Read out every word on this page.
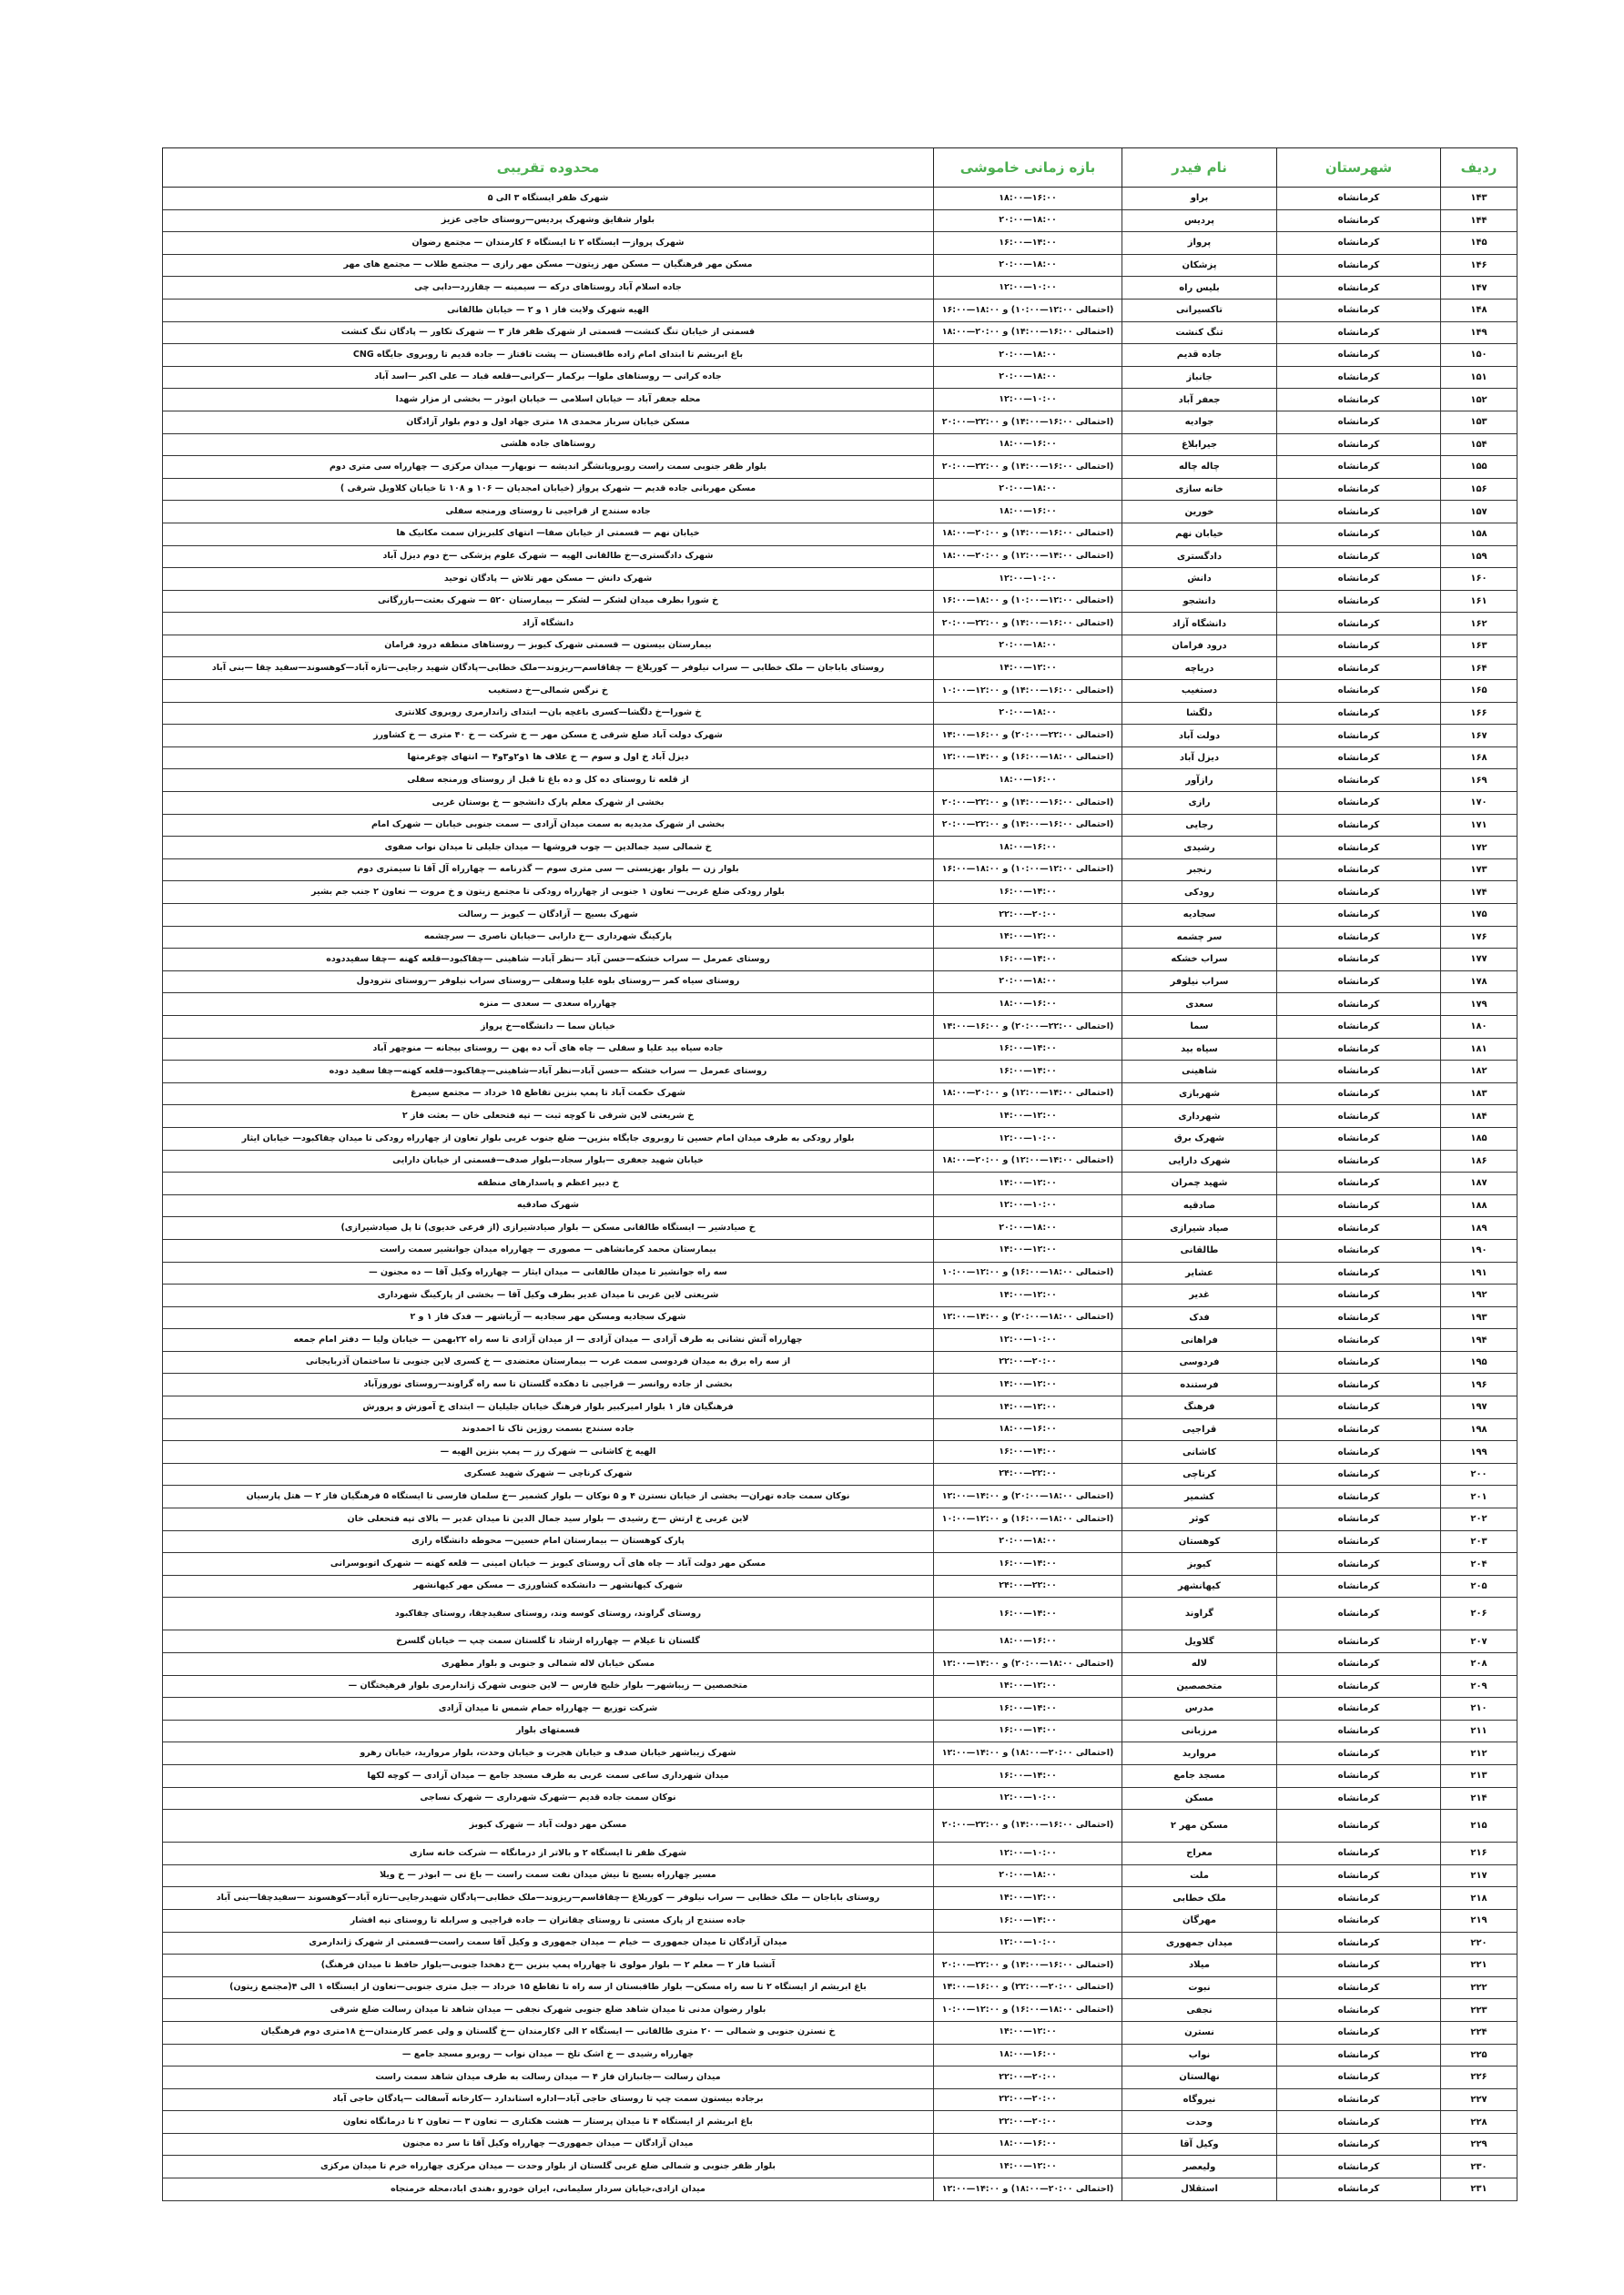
ردیف	شهرستان	نام فیدر	بازه زمانی خاموشی	محدوده تقریبی
۱۴۳	کرمانشاه	براو	۱۶:۰۰—۱۸:۰۰	شهرک ظفر ایستگاه ۳ الی ۵
۱۴۴	کرمانشاه	پردیس	۱۸:۰۰—۲۰:۰۰	بلوار شقایق وشهرک پردیس—روستای حاجی عزیز
۱۴۵	کرمانشاه	پرواز	۱۴:۰۰—۱۶:۰۰	شهرک پرواز— ایستگاه ۲ تا ایستگاه ۶ کارمندان — مجتمع رضوان
۱۴۶	کرمانشاه	پزشکان	۱۸:۰۰—۲۰:۰۰	مسکن مهر فرهنگیان — مسکن مهر زیتون— مسکن مهر رازی — مجتمع طلاب — مجتمع های مهر
۱۴۷	کرمانشاه	بلیس راه	۱۰:۰۰—۱۲:۰۰	جاده اسلام آباد روستاهای درکه — سیمینه — چقازرد—دابی چی
۱۴۸	کرمانشاه	تاکسیرانی	(احتمالی ۱۲:۰۰—۱۰:۰۰) و ۱۸:۰۰—۱۶:۰۰	الهیه شهرک ولایت فاز ۱ و ۲ — خیابان طالقانی
۱۴۹	کرمانشاه	تنگ کنشت	(احتمالی ۱۶:۰۰—۱۴:۰۰) و ۲۰:۰۰—۱۸:۰۰	قسمتی از خیابان تنگ کنشت— قسمتی از شهرک ظفر فاز ۳ — شهرک تکاور — پادگان تنگ کنشت
۱۵۰	کرمانشاه	جاده قدیم	۱۸:۰۰—۲۰:۰۰	باغ ابریشم تا ابتدای امام زاده طاقبستان — پشت تافتاز — جاده قدیم تا روبروی جایگاه CNG
۱۵۱	کرمانشاه	جانباز	۱۸:۰۰—۲۰:۰۰	جاده کرانی — روستاهای ملوا— برکمار —کرانی—قلعه قباد — علی اکبر —اسد آباد
۱۵۲	کرمانشاه	جعفر آباد	۱۰:۰۰—۱۲:۰۰	محله جعفر آباد — خیابان اسلامی — خیابان ابوذر — بخشی از مزار شهدا
۱۵۳	کرمانشاه	جوادیه	(احتمالی ۱۶:۰۰—۱۴:۰۰) و ۲۲:۰۰—۲۰:۰۰	مسکن خیابان سرباز محمدی ۱۸ متری جهاد اول و دوم بلوار آزادگان
۱۵۴	کرمانشاه	جیرابلاغ	۱۶:۰۰—۱۸:۰۰	روستاهای جاده هلشی
۱۵۵	کرمانشاه	چاله چاله	(احتمالی ۱۶:۰۰—۱۴:۰۰) و ۲۲:۰۰—۲۰:۰۰	بلوار ظفر جنوبی سمت راست روبروبانشگر اندیشه — نوبهار— میدان مرکزی — چهارراه سی متری دوم
۱۵۶	کرمانشاه	خانه سازی	۱۸:۰۰—۲۰:۰۰	مسکن مهربانی جاده قدیم — شهرک پرواز (خیابان امجدیان — ۱۰۶ و ۱۰۸ تا خیابان کلاویل شرقی )
۱۵۷	کرمانشاه	خورین	۱۶:۰۰—۱۸:۰۰	جاده سنندج از قراجیی تا روستای ورمنجه سفلی
۱۵۸	کرمانشاه	خیابان نهم	(احتمالی ۱۶:۰۰—۱۴:۰۰) و ۲۰:۰۰—۱۸:۰۰	خیابان نهم — قسمتی از خیابان صفا— انتهای کلبریزان سمت مکانیک ها
۱۵۹	کرمانشاه	دادگستری	(احتمالی ۱۴:۰۰—۱۲:۰۰) و ۲۰:۰۰—۱۸:۰۰	شهرک دادگستری—خ طالقانی الهیه — شهرک علوم پزشکی —خ دوم دیزل آباد
۱۶۰	کرمانشاه	دانش	۱۰:۰۰—۱۲:۰۰	شهرک دانش — مسکن مهر تلاش — پادگان توحید
۱۶۱	کرمانشاه	دانشجو	(احتمالی ۱۲:۰۰—۱۰:۰۰) و ۱۸:۰۰—۱۶:۰۰	خ شورا بطرف میدان لشکر — لشکر — بیمارستان ۵۲۰ — شهرک بعثت—بازرگانی
۱۶۲	کرمانشاه	دانشگاه آزاد	(احتمالی ۱۶:۰۰—۱۴:۰۰) و ۲۲:۰۰—۲۰:۰۰	دانشگاه آزاد
۱۶۳	کرمانشاه	درود فرامان	۱۸:۰۰—۲۰:۰۰	بیمارستان بیستون — قسمتی شهرک کیوبز — روستاهای منطقه درود فرامان
۱۶۴	کرمانشاه	دریاچه	۱۲:۰۰—۱۴:۰۰	روستای باباجان — ملک خطابی — سراب نیلوفر — کوریلاغ — چقاقاسم—ریزوند—ملک خطابی—پادگان شهید رجایی—تازه آباد—کوهسوند—سفید چقا —بنی آباد
۱۶۵	کرمانشاه	دستغیب	(احتمالی ۱۶:۰۰—۱۴:۰۰) و ۱۲:۰۰—۱۰:۰۰	خ نرگس شمالی—خ دستغیب
۱۶۶	کرمانشاه	دلگشا	۱۸:۰۰—۲۰:۰۰	خ شورا—خ دلگشا—کسری باغچه بان— ابتدای زاندارمری روبروی کلانتری
۱۶۷	کرمانشاه	دولت آباد	(احتمالی ۲۲:۰۰—۲۰:۰۰) و ۱۶:۰۰—۱۴:۰۰	شهرک دولت آباد ضلع شرقی خ مسکن مهر — خ شرکت — خ ۴۰ متری — خ کشاورز
۱۶۸	کرمانشاه	دیزل آباد	(احتمالی ۱۸:۰۰—۱۶:۰۰) و ۱۴:۰۰—۱۲:۰۰	دیزل آباد خ اول و سوم — خ علاف ها ۱و۲و۳و۴ — انتهای چوغرمتها
۱۶۹	کرمانشاه	رازآور	۱۶:۰۰—۱۸:۰۰	از قلعه تا روستای ده کل و ده باغ تا قبل از روستای ورمنجه سفلی
۱۷۰	کرمانشاه	رازی	(احتمالی ۱۶:۰۰—۱۴:۰۰) و ۲۲:۰۰—۲۰:۰۰	بخشی از شهرک معلم پارک دانشجو — خ بوستان غربی
۱۷۱	کرمانشاه	رجایی	(احتمالی ۱۶:۰۰—۱۴:۰۰) و ۲۲:۰۰—۲۰:۰۰	بخشی از شهرک مدیدیه به سمت میدان آزادی — سمت جنوبی خیابان — شهرک امام
۱۷۲	کرمانشاه	رشیدی	۱۶:۰۰—۱۸:۰۰	خ شمالی سید جمالدین — چوب فروشها — میدان جلیلی تا میدان نواب صفوی
۱۷۳	کرمانشاه	رنجبر	(احتمالی ۱۲:۰۰—۱۰:۰۰) و ۱۸:۰۰—۱۶:۰۰	بلوار زن — بلوار بهزیستی — سی متری سوم — گذرنامه — چهارراه آل آقا تا سیمتری دوم
۱۷۴	کرمانشاه	رودکی	۱۴:۰۰—۱۶:۰۰	بلوار رودکی ضلع غربی— تعاون ۱ جنوبی از چهارراه رودکی تا مجتمع زیتون و خ مروت — تعاون ۲ جنب جم بشیر
۱۷۵	کرمانشاه	سجادیه	۲۰:۰۰—۲۲:۰۰	شهرک بسیج — آزادگان — کیوبز — رسالت
۱۷۶	کرمانشاه	سر چشمه	۱۲:۰۰—۱۴:۰۰	پارکینگ شهرداری —خ دارابی —خیابان ناصری — سرچشمه
۱۷۷	کرمانشاه	سراب خشکه	۱۴:۰۰—۱۶:۰۰	روستای عمرمل — سراب خشکه—حسن آباد —نظر آباد— شاهینی —چقاکبود—قلعه کهنه —چقا سفیددوده
۱۷۸	کرمانشاه	سراب نیلوفر	۱۸:۰۰—۲۰:۰۰	روستای سیاه کمر —روستای بلوه علیا وسفلی —روستای سراب نیلوفر —روستای نترودول
۱۷۹	کرمانشاه	سعدی	۱۶:۰۰—۱۸:۰۰	چهارراه سعدی — سعدی — منزه
۱۸۰	کرمانشاه	سما	(احتمالی ۲۲:۰۰—۲۰:۰۰) و ۱۶:۰۰—۱۴:۰۰	خیابان سما — دانشگاه—خ پرواز
۱۸۱	کرمانشاه	سیاه بید	۱۴:۰۰—۱۶:۰۰	جاده سیاه بید علیا و سفلی — چاه های آب ده پهن — روستای بیجانه — منوچهر آباد
۱۸۲	کرمانشاه	شاهینی	۱۴:۰۰—۱۶:۰۰	روستای عمرمل — سراب خشکه —حسن آباد—نظر آباد—شاهینی—چقاکبود—قلعه کهنه—چقا سفید دوده
۱۸۳	کرمانشاه	شهربازی	(احتمالی ۱۴:۰۰—۱۲:۰۰) و ۲۰:۰۰—۱۸:۰۰	شهرک حکمت آباد تا پمپ بنزین تقاطع ۱۵ خرداد — مجتمع سیمرغ
۱۸۴	کرمانشاه	شهرداری	۱۲:۰۰—۱۴:۰۰	خ شریعتی لاین شرقی تا کوچه ثبت — تپه فتحعلی خان — بعثت فاز ۲
۱۸۵	کرمانشاه	شهرک برق	۱۰:۰۰—۱۲:۰۰	بلوار رودکی به طرف میدان امام حسین تا روبروی جایگاه بنزین— ضلع جنوب غربی بلوار تعاون از چهارراه رودکی تا میدان چقاکبود— خیابان ایثار
۱۸۶	کرمانشاه	شهرک دارایی	(احتمالی ۱۴:۰۰—۱۲:۰۰) و ۲۰:۰۰—۱۸:۰۰	خیابان شهید جعفری —بلوار سجاد—بلوار صدف—قسمتی از خیابان دارایی
۱۸۷	کرمانشاه	شهید چمران	۱۲:۰۰—۱۴:۰۰	خ دبیر اعظم و پاسدارهای منطقه
۱۸۸	کرمانشاه	صادقیه	۱۰:۰۰—۱۲:۰۰	شهرک صادقیه
۱۸۹	کرمانشاه	صیاد شیرازی	۱۸:۰۰—۲۰:۰۰	خ صیادشیر — ایستگاه طالقانی مسکن — بلوار صیادشیرازی (از فرعی خدیوی) تا پل صیادشیرازی)
۱۹۰	کرمانشاه	طالقانی	۱۲:۰۰—۱۴:۰۰	بیمارستان محمد کرمانشاهی — مصوری — چهارراه میدان جوانشیر سمت راست
۱۹۱	کرمانشاه	عشایر	(احتمالی ۱۸:۰۰—۱۶:۰۰) و ۱۲:۰۰—۱۰:۰۰	سه راه جوانشیر تا میدان طالقانی — میدان ایثار — چهارراه وکیل آقا — ده مجنون —
۱۹۲	کرمانشاه	غدیر	۱۲:۰۰—۱۴:۰۰	شریعتی لاین غربی تا میدان غدیر بطرف وکیل آقا — بخشی از پارکینگ شهرداری
۱۹۳	کرمانشاه	فدک	(احتمالی ۱۸:۰۰—۲۰:۰۰) و ۱۴:۰۰—۱۲:۰۰	شهرک سجادیه ومسکن مهر سجادیه — آریاشهر — فدک فاز ۱ و ۲
۱۹۴	کرمانشاه	فراهانی	۱۰:۰۰—۱۲:۰۰	چهارراه آتش نشانی به طرف آزادی — میدان آزادی — از میدان آزادی تا سه راه ۲۲بهمن — خیابان ولیا — دفتر امام جمعه
۱۹۵	کرمانشاه	فردوسی	۲۰:۰۰—۲۲:۰۰	از سه راه برق به میدان فردوسی سمت غرب — بیمارستان معتضدی — خ کسری لاین جنوبی تا ساختمان آذربایجانی
۱۹۶	کرمانشاه	فرستنده	۱۲:۰۰—۱۴:۰۰	بخشی از جاده روانسر — قراجیی تا دهکده گلستان تا سه راه گراوند—روستای نوروزآباد
۱۹۷	کرمانشاه	فرهنگ	۱۲:۰۰—۱۴:۰۰	فرهنگیان فاز ۱ بلوار امیرکبیر بلوار فرهنگ خیابان جلیلیان — ابتدای خ آموزش و پرورش
۱۹۸	کرمانشاه	قراجیی	۱۶:۰۰—۱۸:۰۰	جاده سنندج بسمت روژین تاک تا احمدوند
۱۹۹	کرمانشاه	کاشانی	۱۴:۰۰—۱۶:۰۰	الهیه خ کاشانی — شهرک رز — پمپ بنزین الهیه —
۲۰۰	کرمانشاه	کرناچی	۲۲:۰۰—۲۴:۰۰	شهرک کرناچی — شهرک شهید عسکری
۲۰۱	کرمانشاه	کشمیر	(احتمالی ۱۸:۰۰—۲۰:۰۰) و ۱۴:۰۰—۱۲:۰۰	نوکان سمت جاده تهران— بخشی از خیابان نسترن ۴ و ۵ نوکان — بلوار کشمیر —خ سلمان فارسی تا ایستگاه ۵ فرهنگیان فاز ۲ — هتل پارسیان
۲۰۲	کرمانشاه	کوثر	(احتمالی ۱۸:۰۰—۱۶:۰۰) و ۱۲:۰۰—۱۰:۰۰	لاین غربی خ ارتش —خ رشیدی — بلوار سید جمال الدین تا میدان غدیر — بالای تپه فتحعلی خان
۲۰۳	کرمانشاه	کوهستان	۱۸:۰۰—۲۰:۰۰	پارک کوهستان — بیمارستان امام حسین— محوطه دانشگاه رازی
۲۰۴	کرمانشاه	کیوبز	۱۴:۰۰—۱۶:۰۰	مسکن مهر دولت آباد — چاه های آب روستای کیوبز — خیابان امینی — قلعه کهنه — شهرک اتوبوسرانی
۲۰۵	کرمانشاه	کیهانشهر	۲۲:۰۰—۲۴:۰۰	شهرک کیهانشهر — دانشکده کشاورزی — مسکن مهر کیهانشهر
۲۰۶	کرمانشاه	گراوند	۱۴:۰۰—۱۶:۰۰	روستای گراوند، روستای کوسه وند، روستای سفیدچقا، روستای چقاکبود
۲۰۷	کرمانشاه	گلاویل	۱۶:۰۰—۱۸:۰۰	گلستان تا عیلام — چهارراه ارشاد تا گلستان سمت چپ — خیابان گلسرخ
۲۰۸	کرمانشاه	لاله	(احتمالی ۱۸:۰۰—۲۰:۰۰) و ۱۴:۰۰—۱۲:۰۰	مسکن خیابان لاله شمالی و جنوبی و بلوار مطهری
۲۰۹	کرمانشاه	متخصصین	۱۲:۰۰—۱۴:۰۰	متخصصین — زیباشهر— بلوار خلیج فارس — لاین جنوبی شهرک ژاندارمری بلوار فرهیختگان —
۲۱۰	کرمانشاه	مدرس	۱۴:۰۰—۱۶:۰۰	شرکت توزیع — چهارراه حمام شمس تا میدان آزادی
۲۱۱	کرمانشاه	مرزبانی	۱۴:۰۰—۱۶:۰۰	قسمتهای بلوار
۲۱۲	کرمانشاه	مروارید	(احتمالی ۲۰:۰۰—۱۸:۰۰) و ۱۴:۰۰—۱۲:۰۰	شهرک زیباشهر خیابان صدف و خیابان هجرت و خیابان وحدت، بلوار مروارید، خیابان رهرو
۲۱۳	کرمانشاه	مسجد جامع	۱۴:۰۰—۱۶:۰۰	میدان شهرداری ساعی سمت غربی به طرف مسجد جامع — میدان آزادی — کوچه لکها
۲۱۴	کرمانشاه	مسکن	۱۰:۰۰—۱۲:۰۰	نوکان سمت جاده قدیم —شهرک شهرداری — شهرک نساجی
۲۱۵	کرمانشاه	مسکن مهر ۲	(احتمالی ۱۶:۰۰—۱۴:۰۰) و ۲۲:۰۰—۲۰:۰۰	مسکن مهر دولت آباد — شهرک کیوبز
۲۱۶	کرمانشاه	معراج	۱۰:۰۰—۱۲:۰۰	شهرک ظفر تا ایستگاه ۲ و بالاتر از درمانگاه — شرکت خانه سازی
۲۱۷	کرمانشاه	ملت	۱۸:۰۰—۲۰:۰۰	مسیر چهارراه بسیج تا نیش میدان نفت سمت راست — باغ نی — ابوذر — خ ویلا
۲۱۸	کرمانشاه	ملک خطابی	۱۲:۰۰—۱۴:۰۰	روستای باباجان — ملک خطابی — سراب نیلوفر — کوریلاغ —چقاقاسم—ریزوند—ملک خطابی—پادگان شهیدرجایی—تازه آباد—کوهسوند —سفیدچقا—بنی آباد
۲۱۹	کرمانشاه	مهرگان	۱۴:۰۰—۱۶:۰۰	جاده سنندج از پارک مستی تا روستای چقانران — جاده قراجیی و سرابله تا روستای نیه افشار
۲۲۰	کرمانشاه	میدان جمهوری	۱۰:۰۰—۱۲:۰۰	میدان آزادگان تا میدان جمهوری — خیام — میدان جمهوری و وکیل آقا سمت راست—قسمتی از شهرک ژاندارمری
۲۲۱	کرمانشاه	میلاد	(احتمالی ۱۶:۰۰—۱۴:۰۰) و ۲۲:۰۰—۲۰:۰۰	آتشبا فاز ۲ — معلم ۲ — بلوار مولوی تا چهارراه پمپ بنزین —خ دهخدا جنوبی—بلوار حافظ تا میدان فرهنگ)
۲۲۲	کرمانشاه	نبوت	(احتمالی ۲۰:۰۰—۲۲:۰۰) و ۱۶:۰۰—۱۴:۰۰	باغ ابریشم از ایستگاه ۲ تا سه راه مسکن— بلوار طاقبستان از سه راه تا تقاطع ۱۵ خرداد — جبل متری جنوبی—تعاون از ایستگاه ۱ الی ۴(مجتمع زیتون)
۲۲۳	کرمانشاه	نجفی	(احتمالی ۱۸:۰۰—۱۶:۰۰) و ۱۲:۰۰—۱۰:۰۰	بلوار رضوان مدنی تا میدان شاهد ضلع جنوبی شهرک نجفی — میدان شاهد تا میدان رسالت ضلع شرقی
۲۲۴	کرمانشاه	نسترن	۱۲:۰۰—۱۴:۰۰	خ نسترن جنوبی و شمالی — ۲۰ متری طالقانی — ایستگاه ۲ الی ۶کارمندان —خ گلستان و ولی عصر کارمندان—خ ۱۸متری دوم فرهنگیان
۲۲۵	کرمانشاه	نواب	۱۶:۰۰—۱۸:۰۰	چهارراه رشیدی — خ اشک تلخ — میدان نواب — روبرو مسجد جامع —
۲۲۶	کرمانشاه	نهالستان	۲۰:۰۰—۲۲:۰۰	میدان رسالت —جانبازان فاز ۴ — میدان رسالت به طرف میدان شاهد سمت راست
۲۲۷	کرمانشاه	نیروگاه	۲۰:۰۰—۲۲:۰۰	برجاده بیستون سمت چپ تا روستای حاجی آباد—اداره استاندارد —کارخانه آسفالت —پادگان حاجی آباد
۲۲۸	کرمانشاه	وحدت	۲۰:۰۰—۲۲:۰۰	باغ ابریشم از ایستگاه ۴ تا میدان پرستار — هشت هکتاری — تعاون ۳ — تعاون ۲ تا درمانگاه تعاون
۲۲۹	کرمانشاه	وکیل آقا	۱۶:۰۰—۱۸:۰۰	میدان آزادگان — میدان جمهوری— چهارراه وکیل آقا تا سر ده مجنون
۲۳۰	کرمانشاه	ولیعصر	۱۲:۰۰—۱۴:۰۰	بلوار ظفر جنوبی و شمالی ضلع غربی گلستان از بلوار وحدت — میدان مرکزی چهارراه خرم تا میدان مرکزی
۲۳۱	کرمانشاه	استقلال	(احتمالی ۲۰:۰۰—۱۸:۰۰) و ۱۴:۰۰—۱۲:۰۰	میدان ازادی،خیابان سردار سلیمانی، ایران خودرو ،هندی اباد،محله خرمنجاه
